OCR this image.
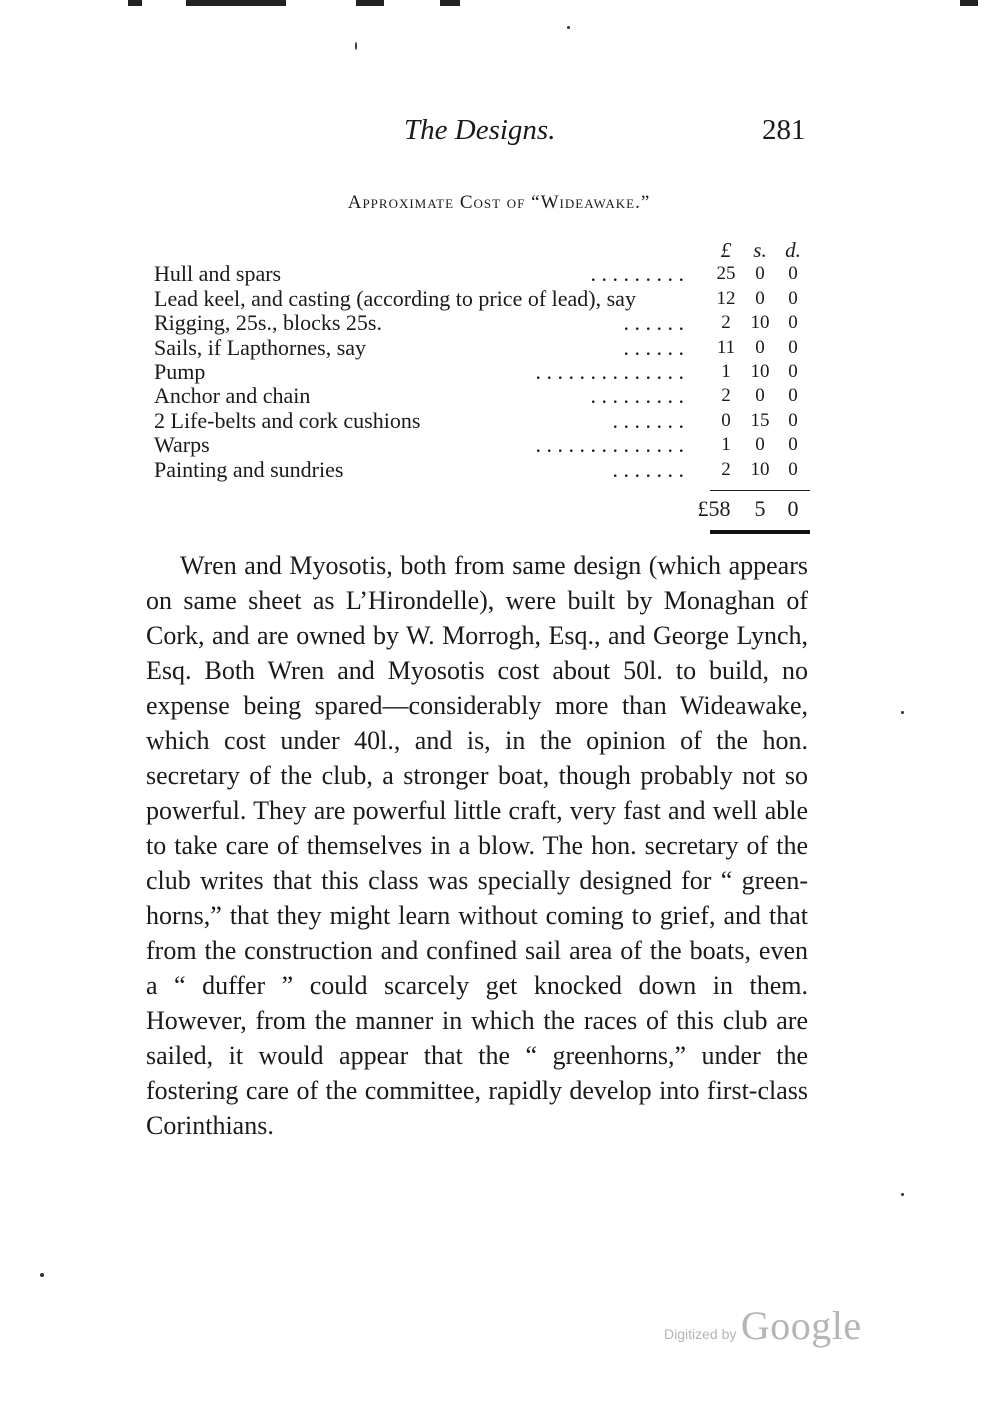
The Designs.	281
Approximate Cost of “Wideawake.”
£	s. d.
Hull and spars	. . . . . . . . .	25	0	0
Lead keel, and casting (according to price of lead), say	12	0	0
Rigging, 25s., blocks 25s.	. . . . . .	2	10 0
Sails, if Lapthornes, say	. . . . . .	11	0	0
Pump	. . . . . . . . . . . . . .	1	10 0
Anchor and chain	. . . . . . . . .	2	0	0
2 Life-belts and cork cushions	. . . . . . .	0	15 0
Warps	. . . . . . . . . . . . . .	1	0	0
Painting and sundries	. . . . . . .	2	10 0
£58	5	0

Wren and Myosotis, both from same design (which appears on same sheet as L’Hirondelle), were built by Monaghan of Cork, and are owned by W. Morrogh, Esq., and George Lynch, Esq. Both Wren and Myosotis cost about 50l. to build, no expense being spared—considerably more than Wideawake, which cost under 40l., and is, in the opinion of the hon. secretary of the club, a stronger boat, though probably not so powerful. They are powerful little craft, very fast and well able to take care of themselves in a blow. The hon. secretary of the club writes that this class was specially designed for “ green-horns,” that they might learn without coming to grief, and that from the construction and confined sail area of the boats, even a “ duffer ” could scarcely get knocked down in them. However, from the manner in which the races of this club are sailed, it would appear that the “ greenhorns,” under the fostering care of the committee, rapidly develop into first-class Corinthians.

Digitized by Google
